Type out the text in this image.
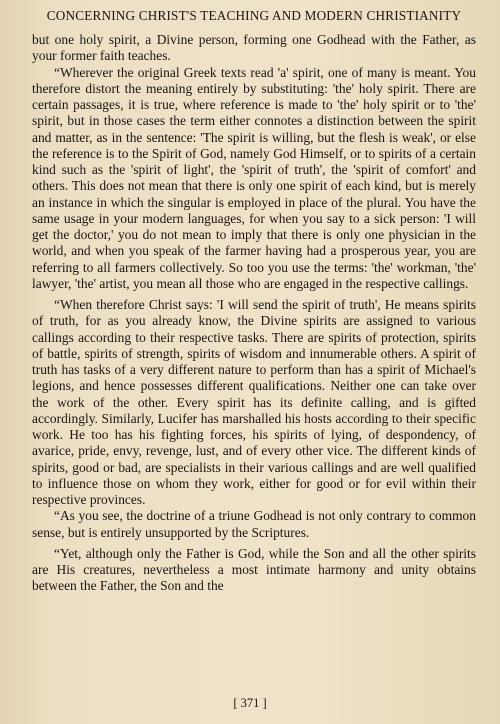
CONCERNING CHRIST'S TEACHING AND MODERN CHRISTIANITY

but one holy spirit, a Divine person, forming one Godhead with the Father, as your former faith teaches.

“Wherever the original Greek texts read 'a' spirit, one of many is meant. You therefore distort the meaning entirely by substituting: 'the' holy spirit. There are certain passages, it is true, where reference is made to 'the' holy spirit or to 'the' spirit, but in those cases the term either connotes a distinction between the spirit and matter, as in the sentence: 'The spirit is willing, but the flesh is weak', or else the reference is to the Spirit of God, namely God Himself, or to spirits of a certain kind such as the 'spirit of light', the 'spirit of truth', the 'spirit of comfort' and others. This does not mean that there is only one spirit of each kind, but is merely an instance in which the singular is employed in place of the plural. You have the same usage in your modern languages, for when you say to a sick person: 'I will get the doctor,' you do not mean to imply that there is only one physician in the world, and when you speak of the farmer having had a prosperous year, you are referring to all farmers collectively. So too you use the terms: 'the' workman, 'the' lawyer, 'the' artist, you mean all those who are engaged in the respective callings.

“When therefore Christ says: 'I will send the spirit of truth', He means spirits of truth, for as you already know, the Divine spirits are assigned to various callings according to their respective tasks. There are spirits of protection, spirits of battle, spirits of strength, spirits of wisdom and innumerable others. A spirit of truth has tasks of a very different nature to perform than has a spirit of Michael's legions, and hence possesses different qualifications. Neither one can take over the work of the other. Every spirit has its definite calling, and is gifted accordingly. Similarly, Lucifer has marshalled his hosts according to their specific work. He too has his fighting forces, his spirits of lying, of despondency, of avarice, pride, envy, revenge, lust, and of every other vice. The different kinds of spirits, good or bad, are specialists in their various callings and are well qualified to influence those on whom they work, either for good or for evil within their respective provinces.

“As you see, the doctrine of a triune Godhead is not only contrary to common sense, but is entirely unsupported by the Scriptures.

“Yet, although only the Father is God, while the Son and all the other spirits are His creatures, nevertheless a most intimate harmony and unity obtains between the Father, the Son and the

[ 371 ]
